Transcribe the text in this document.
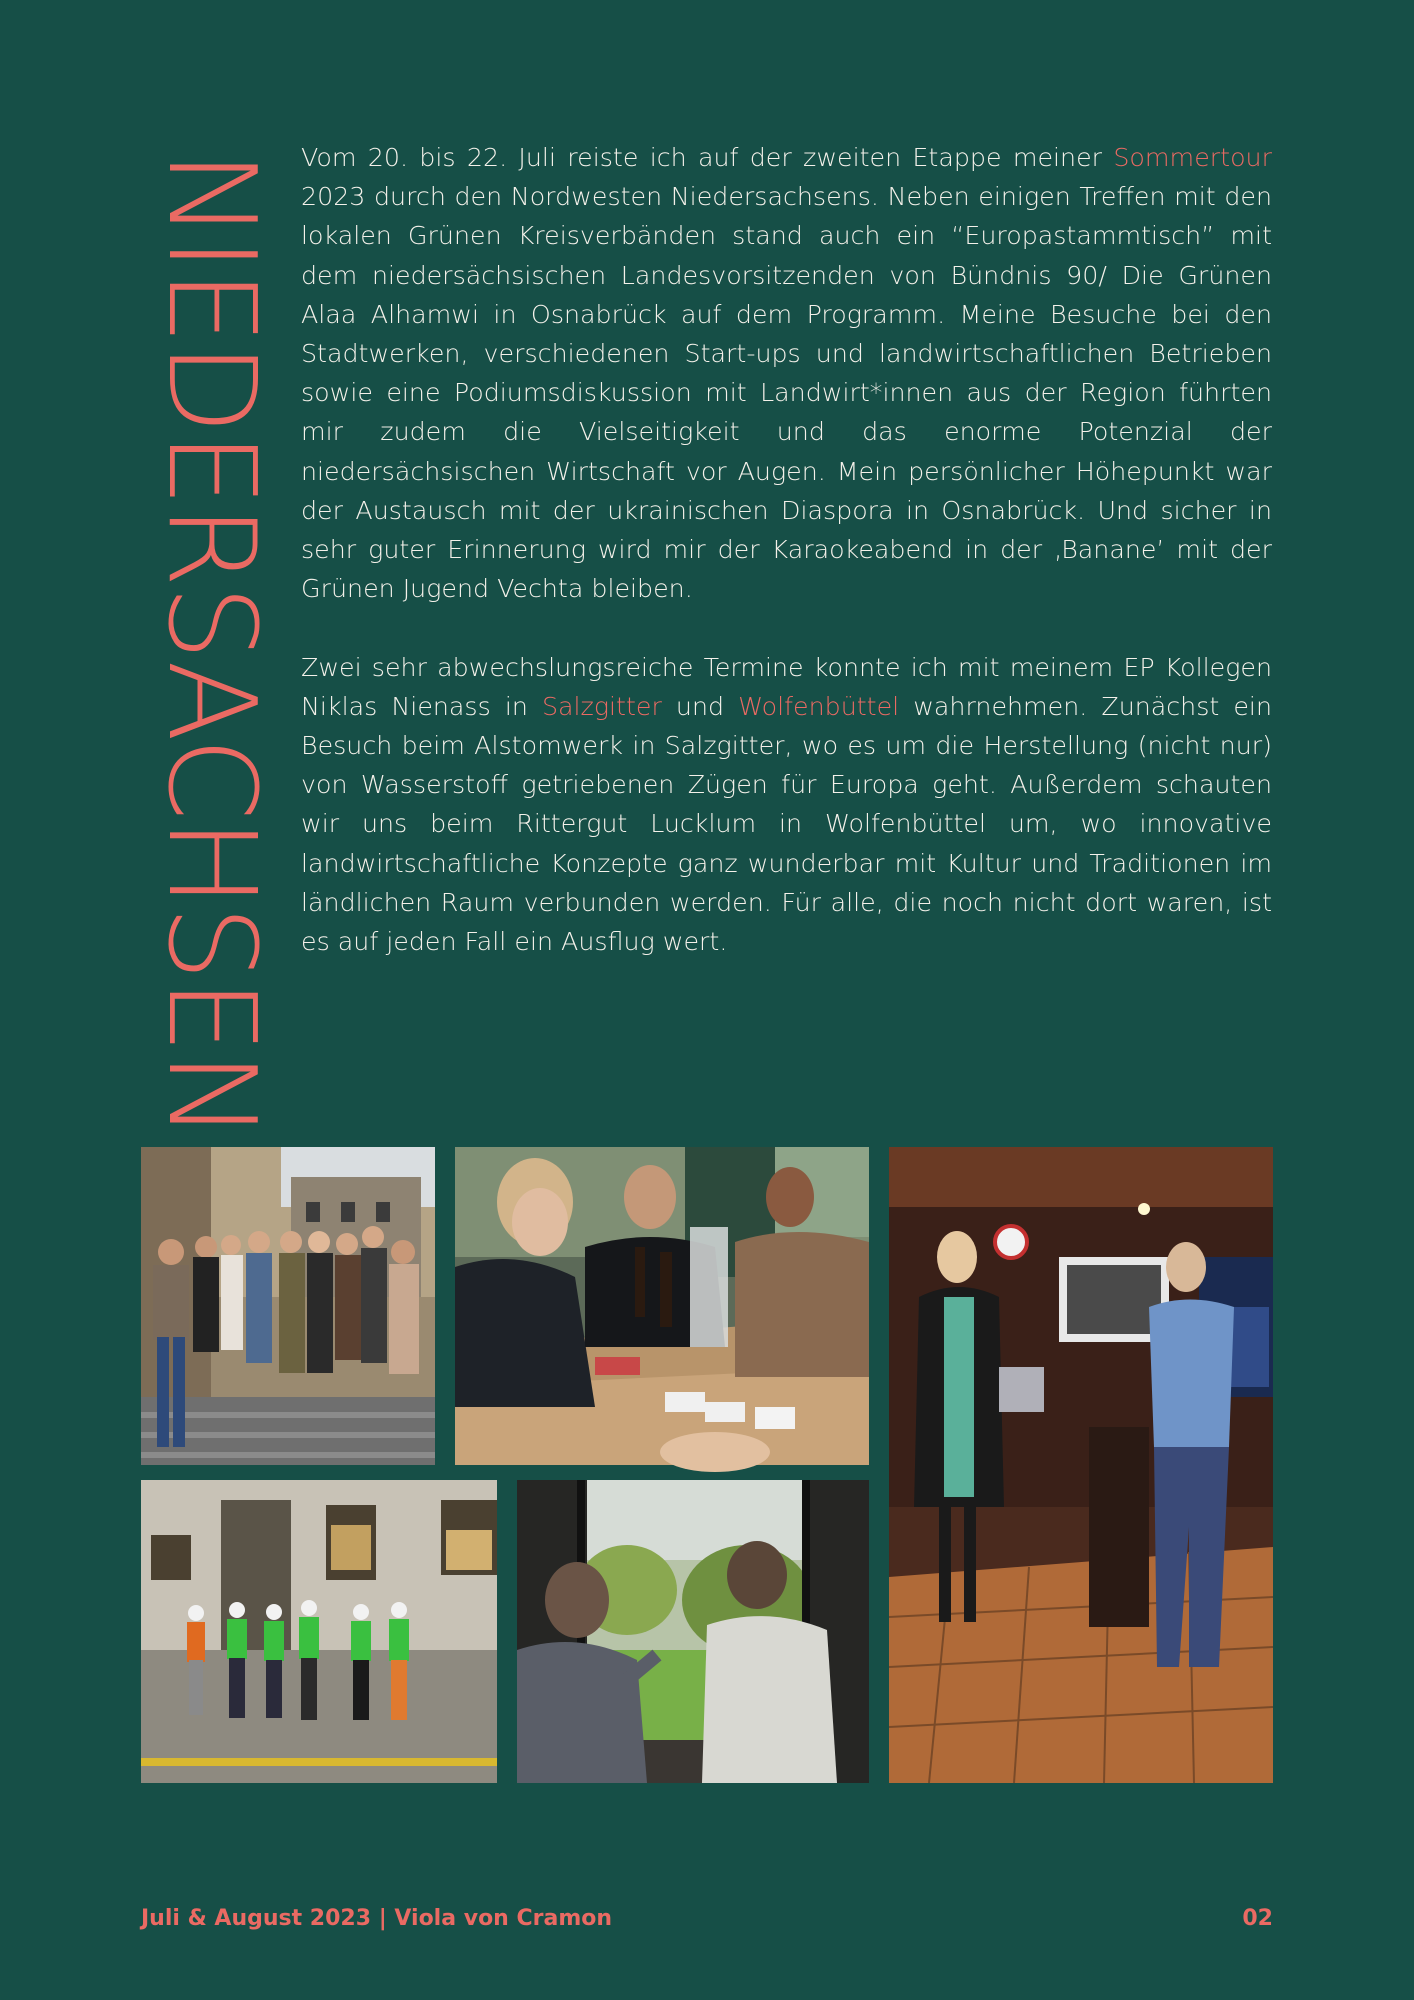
NIEDERSACHSEN Vom 20. bis 22. Juli reiste ich auf der zweiten Etappe meiner Sommertour 2023 durch den Nordwesten Niedersachsens. Neben einigen Treffen mit den lokalen Grünen Kreisverbänden stand auch ein “Europastammtisch” mit dem niedersächsischen Landesvorsitzenden von Bündnis 90/ Die Grünen Alaa Alhamwi in Osnabrück auf dem Programm. Meine Besuche bei den Stadtwerken, verschiedenen Start-ups und landwirtschaftlichen Betrieben sowie eine Podiumsdiskussion mit Landwirt*innen aus der Region führten mir zudem die Vielseitigkeit und das enorme Potenzial der niedersächsischen Wirtschaft vor Augen. Mein persönlicher Höhepunkt war der Austausch mit der ukrainischen Diaspora in Osnabrück. Und sicher in sehr guter Erinnerung wird mir der Karaokeabend in der ‚Banane’ mit der Grünen Jugend Vechta bleiben.

Zwei sehr abwechslungsreiche Termine konnte ich mit meinem EP Kollegen Niklas Nienass in Salzgitter und Wolfenbüttel wahrnehmen. Zunächst ein Besuch beim Alstomwerk in Salzgitter, wo es um die Herstellung (nicht nur) von Wasserstoff getriebenen Zügen für Europa geht. Außerdem schauten wir uns beim Rittergut Lucklum in Wolfenbüttel um, wo innovative landwirtschaftliche Konzepte ganz wunderbar mit Kultur und Traditionen im ländlichen Raum verbunden werden. Für alle, die noch nicht dort waren, ist es auf jeden Fall ein Ausflug wert.

Juli & August 2023 | Viola von Cramon	02
